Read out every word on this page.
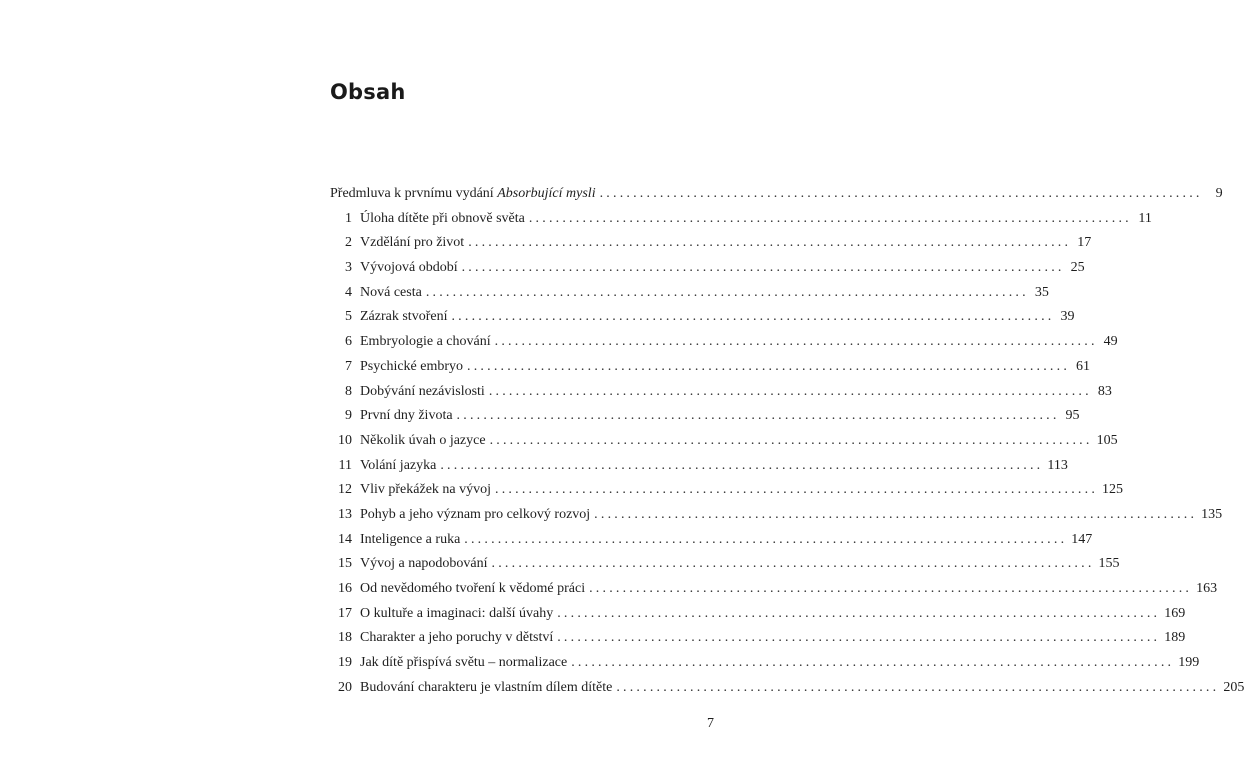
Obsah
Předmluva k prvnímu vydání Absorbující mysli .......................................................................................... 9
1 Úloha dítěte při obnově světa .......................................................................................... 11
2 Vzdělání pro život .......................................................................................... 17
3 Vývojová období .......................................................................................... 25
4 Nová cesta .......................................................................................... 35
5 Zázrak stvoření .......................................................................................... 39
6 Embryologie a chování .......................................................................................... 49
7 Psychické embryo .......................................................................................... 61
8 Dobývání nezávislosti .......................................................................................... 83
9 První dny života .......................................................................................... 95
10 Několik úvah o jazyce .......................................................................................... 105
11 Volání jazyka .......................................................................................... 113
12 Vliv překážek na vývoj .......................................................................................... 125
13 Pohyb a jeho význam pro celkový rozvoj .......................................................................................... 135
14 Inteligence a ruka .......................................................................................... 147
15 Vývoj a napodobování .......................................................................................... 155
16 Od nevědomého tvoření k vědomé práci .......................................................................................... 163
17 O kultuře a imaginaci: další úvahy .......................................................................................... 169
18 Charakter a jeho poruchy v dětství .......................................................................................... 189
19 Jak dítě přispívá světu – normalizace .......................................................................................... 199
20 Budování charakteru je vlastním dílem dítěte .......................................................................................... 205
7
